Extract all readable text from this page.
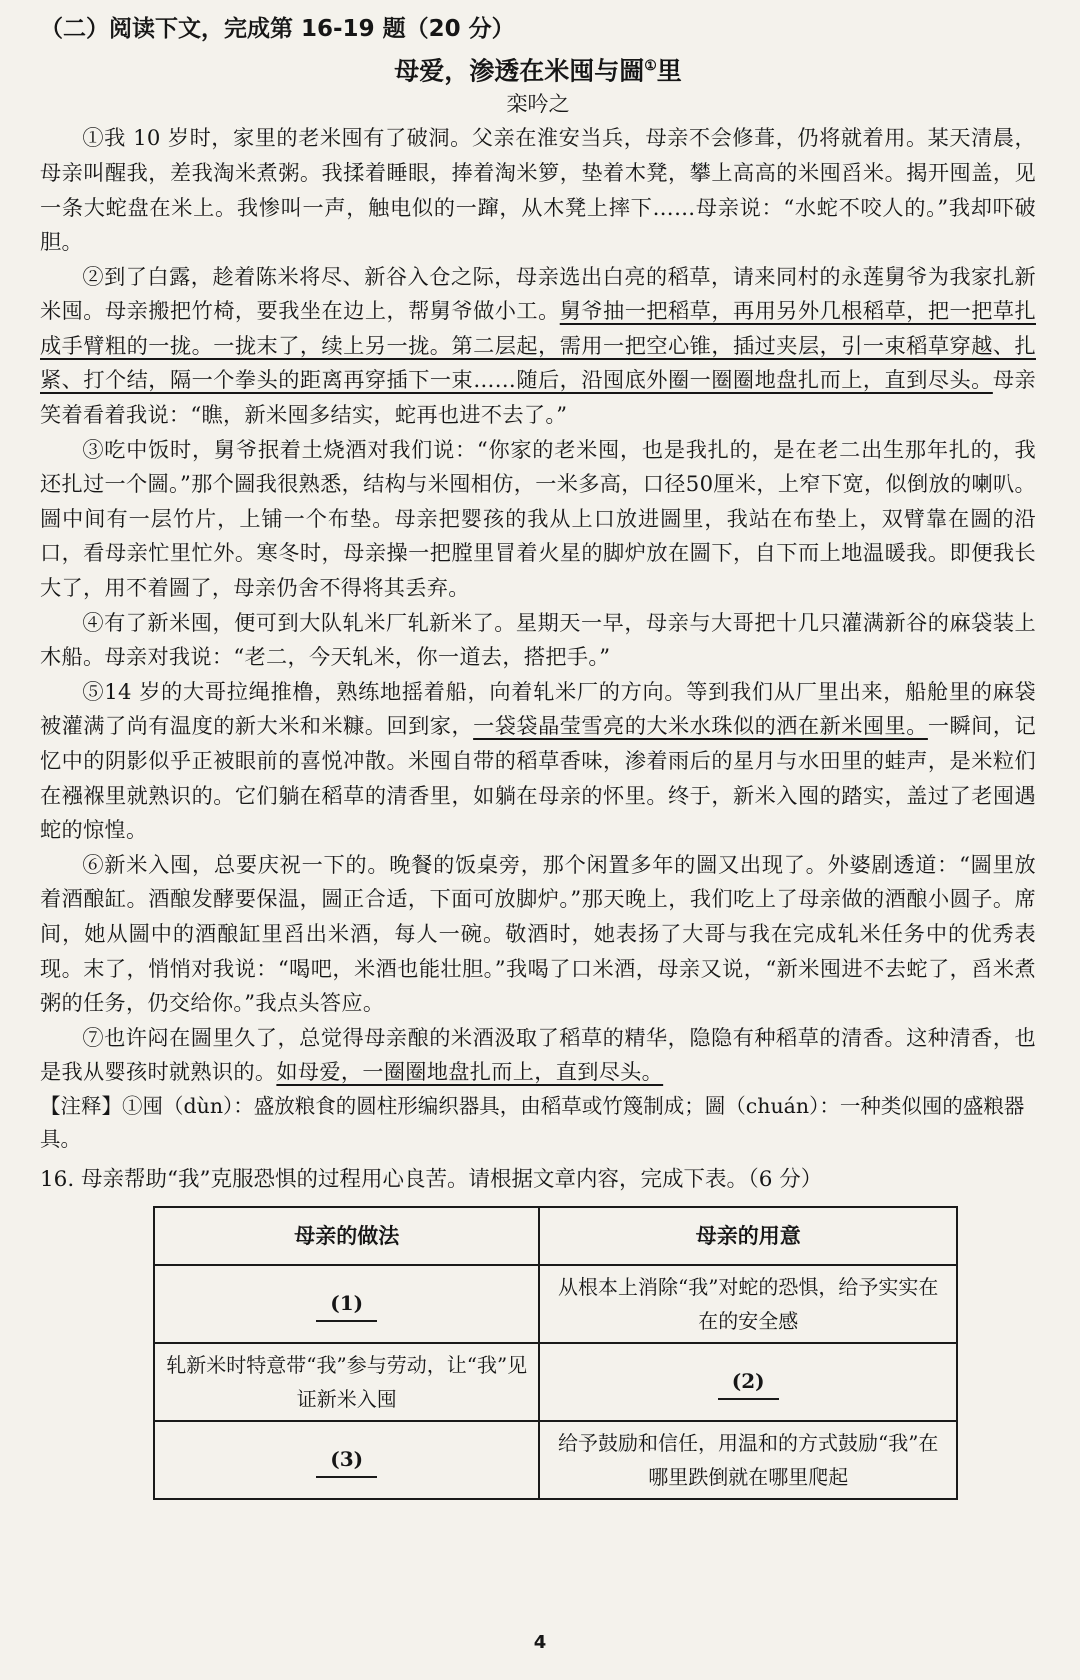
（二）阅读下文，完成第 16-19 题（20 分）

母爱，渗透在米囤与圌①里

栾吟之

①我 10 岁时，家里的老米囤有了破洞。父亲在淮安当兵，母亲不会修葺，仍将就着用。某天清晨，母亲叫醒我，差我淘米煮粥。我揉着睡眼，捧着淘米箩，垫着木凳，攀上高高的米囤舀米。揭开囤盖，见一条大蛇盘在米上。我惨叫一声，触电似的一蹿，从木凳上摔下……母亲说：“水蛇不咬人的。”我却吓破胆。

②到了白露，趁着陈米将尽、新谷入仓之际，母亲选出白亮的稻草，请来同村的永莲舅爷为我家扎新米囤。母亲搬把竹椅，要我坐在边上，帮舅爷做小工。舅爷抽一把稻草，再用另外几根稻草，把一把草扎成手臂粗的一拢。一拢末了，续上另一拢。第二层起，需用一把空心锥，插过夹层，引一束稻草穿越、扎紧、打个结，隔一个拳头的距离再穿插下一束……随后，沿囤底外圈一圈圈地盘扎而上，直到尽头。母亲笑着看着我说：“瞧，新米囤多结实，蛇再也进不去了。”

③吃中饭时，舅爷抿着土烧酒对我们说：“你家的老米囤，也是我扎的，是在老二出生那年扎的，我还扎过一个圌。”那个圌我很熟悉，结构与米囤相仿，一米多高，口径50厘米，上窄下宽，似倒放的喇叭。圌中间有一层竹片，上铺一个布垫。母亲把婴孩的我从上口放进圌里，我站在布垫上，双臂靠在圌的沿口，看母亲忙里忙外。寒冬时，母亲操一把膛里冒着火星的脚炉放在圌下，自下而上地温暖我。即便我长大了，用不着圌了，母亲仍舍不得将其丢弃。

④有了新米囤，便可到大队轧米厂轧新米了。星期天一早，母亲与大哥把十几只灌满新谷的麻袋装上木船。母亲对我说：“老二，今天轧米，你一道去，搭把手。”

⑤14 岁的大哥拉绳推橹，熟练地摇着船，向着轧米厂的方向。等到我们从厂里出来，船舱里的麻袋被灌满了尚有温度的新大米和米糠。回到家，一袋袋晶莹雪亮的大米水珠似的洒在新米囤里。一瞬间，记忆中的阴影似乎正被眼前的喜悦冲散。米囤自带的稻草香味，渗着雨后的星月与水田里的蛙声，是米粒们在襁褓里就熟识的。它们躺在稻草的清香里，如躺在母亲的怀里。终于，新米入囤的踏实，盖过了老囤遇蛇的惊惶。

⑥新米入囤，总要庆祝一下的。晚餐的饭桌旁，那个闲置多年的圌又出现了。外婆剧透道：“圌里放着酒酿缸。酒酿发酵要保温，圌正合适，下面可放脚炉。”那天晚上，我们吃上了母亲做的酒酿小圆子。席间，她从圌中的酒酿缸里舀出米酒，每人一碗。敬酒时，她表扬了大哥与我在完成轧米任务中的优秀表现。末了，悄悄对我说：“喝吧，米酒也能壮胆。”我喝了口米酒，母亲又说，“新米囤进不去蛇了，舀米煮粥的任务，仍交给你。”我点头答应。

⑦也许闷在圌里久了，总觉得母亲酿的米酒汲取了稻草的精华，隐隐有种稻草的清香。这种清香，也是我从婴孩时就熟识的。如母爱，一圈圈地盘扎而上，直到尽头。

【注释】①囤（dùn）：盛放粮食的圆柱形编织器具，由稻草或竹篾制成；圌（chuán）：一种类似囤的盛粮器具。

16. 母亲帮助“我”克服恐惧的过程用心良苦。请根据文章内容，完成下表。（6 分）

母亲的做法	母亲的用意
(1)	从根本上消除“我”对蛇的恐惧，给予实实在在的安全感
轧新米时特意带“我”参与劳动，让“我”见证新米入囤	(2)
(3)	给予鼓励和信任，用温和的方式鼓励“我”在哪里跌倒就在哪里爬起
4
